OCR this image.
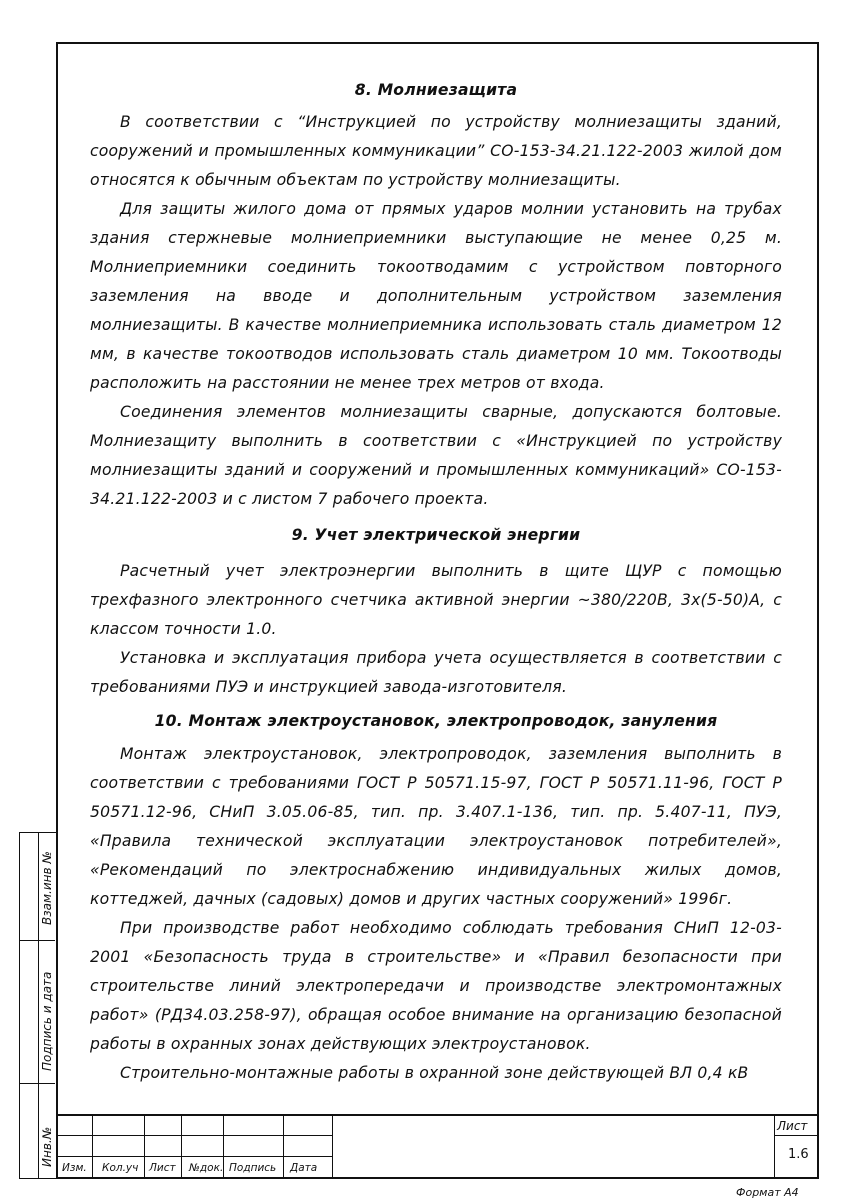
8. Молниезащита

В соответствии с “Инструкцией по устройству молниезащиты зданий, сооружений и промышленных коммуникации” СО-153-34.21.122-2003 жилой дом относятся к обычным объектам по устройству молниезащиты.

Для защиты жилого дома от прямых ударов молнии установить на трубах здания стержневые молниеприемники выступающие не менее 0,25 м. Молниеприемники соединить токоотводамим с устройством повторного заземления на вводе и дополнительным устройством заземления молниезащиты. В качестве молниеприемника использовать сталь диаметром 12 мм, в качестве токоотводов использовать сталь диаметром 10 мм. Токоотводы расположить на расстоянии не менее трех метров от входа.

Соединения элементов молниезащиты сварные, допускаются болтовые. Молниезащиту выполнить в соответствии с «Инструкцией по устройству молниезащиты зданий и сооружений и промышленных коммуникаций» СО-153-34.21.122-2003 и с листом 7 рабочего проекта.

9. Учет электрической энергии

Расчетный учет электроэнергии выполнить в щите ЩУР с помощью трехфазного электронного счетчика активной энергии ~380/220В, 3х(5-50)А, с классом точности 1.0.

Установка и эксплуатация прибора учета осуществляется в соответствии с требованиями ПУЭ и инструкцией завода-изготовителя.

10. Монтаж электроустановок, электропроводок, зануления

Монтаж электроустановок, электропроводок, заземления выполнить в соответствии с требованиями ГОСТ Р 50571.15-97, ГОСТ Р 50571.11-96, ГОСТ Р 50571.12-96, СНиП 3.05.06-85, тип. пр. 3.407.1-136, тип. пр. 5.407-11, ПУЭ, «Правила технической эксплуатации электроустановок потребителей», «Рекомендаций по электроснабжению индивидуальных жилых домов, коттеджей, дачных (садовых) домов и других частных сооружений» 1996г.

При производстве работ необходимо соблюдать требования СНиП 12-03-2001 «Безопасность труда в строительстве» и «Правил безопасности при строительстве линий электропередачи и производстве электромонтажных работ» (РД34.03.258-97), обращая особое внимание на организацию безопасной работы в охранных зонах действующих электроустановок.

Строительно-монтажные работы в охранной зоне действующей ВЛ 0,4 кВ

Взам.инв №
Подпись и дата
Инв.№
Изм. Кол.уч Лист №док. Подпись Дата
Лист
1.6
Формат А4
